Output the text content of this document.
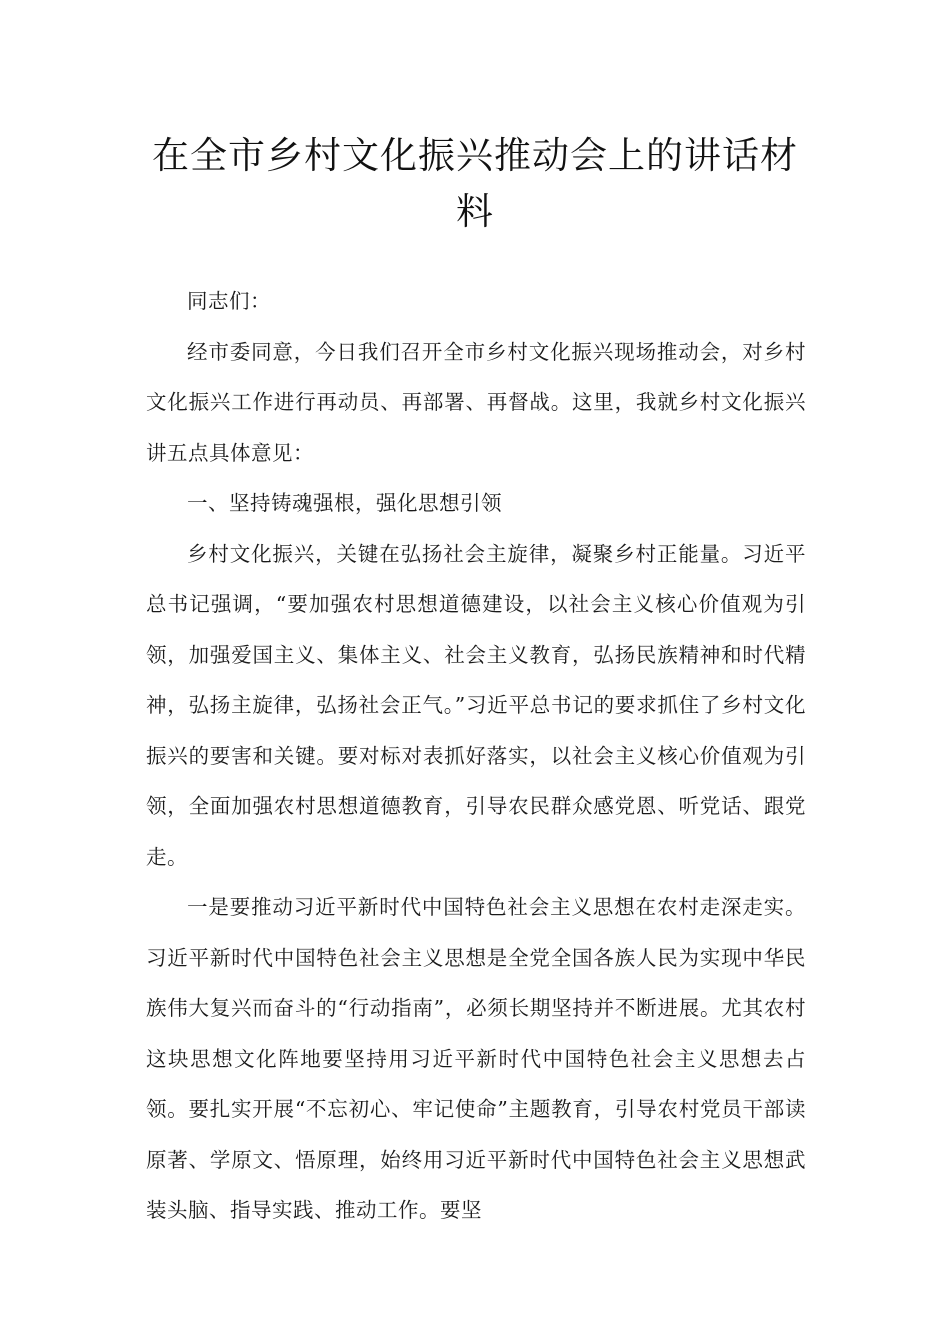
在全市乡村文化振兴推动会上的讲话材料

同志们：

经市委同意，今日我们召开全市乡村文化振兴现场推动会，对乡村文化振兴工作进行再动员、再部署、再督战。这里，我就乡村文化振兴讲五点具体意见：

一、坚持铸魂强根，强化思想引领

乡村文化振兴，关键在弘扬社会主旋律，凝聚乡村正能量。习近平总书记强调，“要加强农村思想道德建设，以社会主义核心价值观为引领，加强爱国主义、集体主义、社会主义教育，弘扬民族精神和时代精神，弘扬主旋律，弘扬社会正气。”习近平总书记的要求抓住了乡村文化振兴的要害和关键。要对标对表抓好落实，以社会主义核心价值观为引领，全面加强农村思想道德教育，引导农民群众感党恩、听党话、跟党走。

一是要推动习近平新时代中国特色社会主义思想在农村走深走实。习近平新时代中国特色社会主义思想是全党全国各族人民为实现中华民族伟大复兴而奋斗的“行动指南”，必须长期坚持并不断进展。尤其农村这块思想文化阵地要坚持用习近平新时代中国特色社会主义思想去占领。要扎实开展“不忘初心、牢记使命”主题教育，引导农村党员干部读原著、学原文、悟原理，始终用习近平新时代中国特色社会主义思想武装头脑、指导实践、推动工作。要坚
